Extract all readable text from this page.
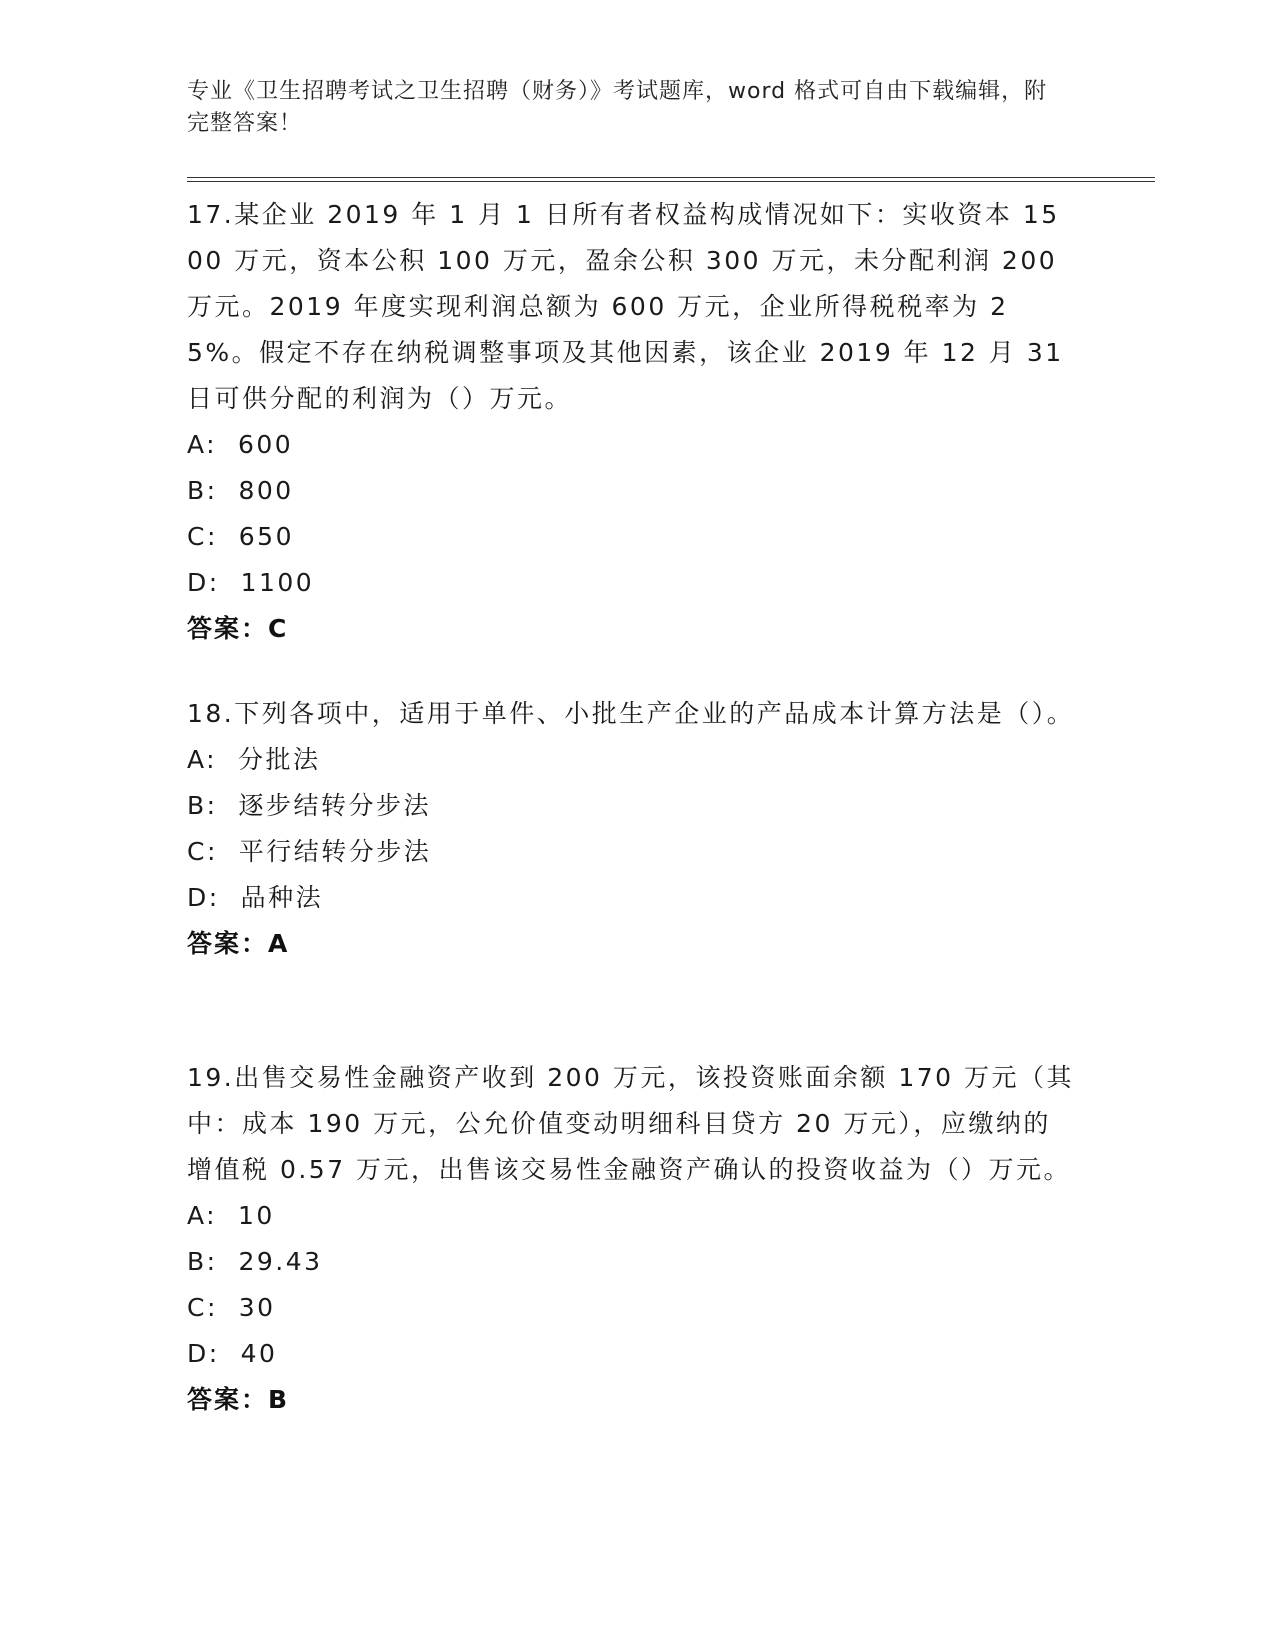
专业《卫生招聘考试之卫生招聘（财务）》考试题库，word 格式可自由下载编辑，附完整答案！
17.某企业 2019 年 1 月 1 日所有者权益构成情况如下：实收资本 1500 万元，资本公积 100 万元，盈余公积 300 万元，未分配利润 200 万元。2019 年度实现利润总额为 600 万元，企业所得税税率为 25%。假定不存在纳税调整事项及其他因素，该企业 2019 年 12 月 31 日可供分配的利润为（）万元。
A:  600
B:  800
C:  650
D:  1100
答案：C
18.下列各项中，适用于单件、小批生产企业的产品成本计算方法是（）。
A:  分批法
B:  逐步结转分步法
C:  平行结转分步法
D:  品种法
答案：A
19.出售交易性金融资产收到 200 万元，该投资账面余额 170 万元（其中：成本 190 万元，公允价值变动明细科目贷方 20 万元），应缴纳的增值税 0.57 万元，出售该交易性金融资产确认的投资收益为（）万元。
A:  10
B:  29.43
C:  30
D:  40
答案：B
